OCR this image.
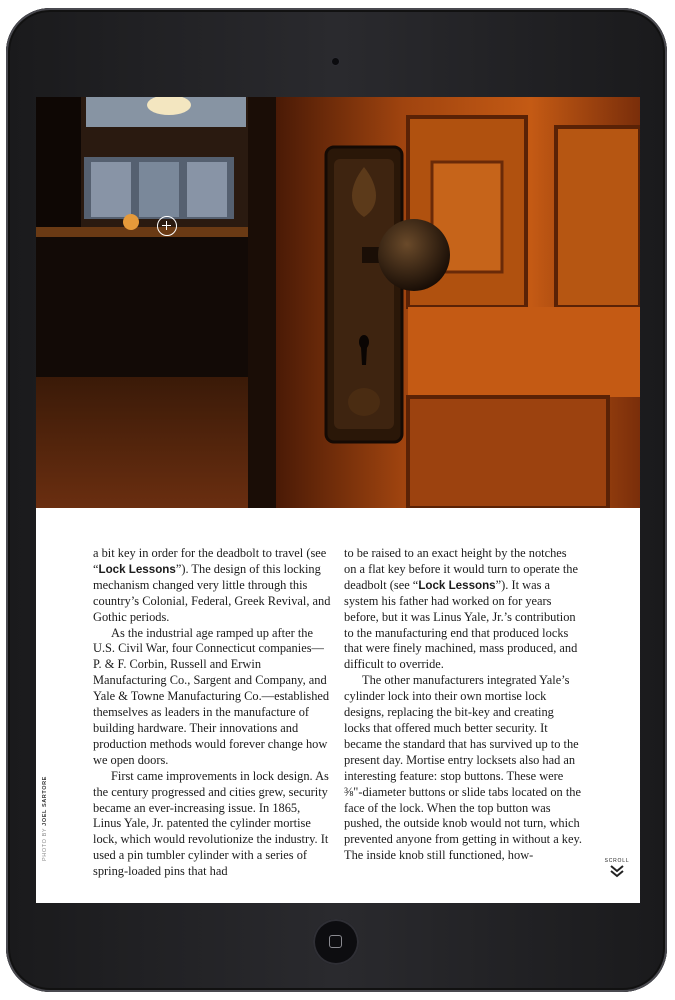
PHOTO BY JOEL SARTORE

a bit key in order for the deadbolt to travel (see “Lock Lessons”). The design of this locking mechanism changed very little through this country’s Colonial, Federal, Greek Revival, and Gothic periods.

As the industrial age ramped up after the U.S. Civil War, four Connecticut companies—P. & F. Corbin, Russell and Erwin Manufacturing Co., Sargent and Company, and Yale & Towne Manufacturing Co.—established themselves as leaders in the manufacture of building hardware. Their innovations and production methods would forever change how we open doors.

First came improvements in lock design. As the century progressed and cities grew, security became an ever-increasing issue. In 1865, Linus Yale, Jr. patented the cylinder mortise lock, which would revolutionize the industry. It used a pin tumbler cylinder with a series of spring-loaded pins that had

to be raised to an exact height by the notches on a flat key before it would turn to operate the deadbolt (see “Lock Lessons”). It was a system his father had worked on for years before, but it was Linus Yale, Jr.’s contribution to the manufacturing end that produced locks that were finely machined, mass produced, and difficult to override.

The other manufacturers integrated Yale’s cylinder lock into their own mortise lock designs, replacing the bit-key and creating locks that offered much better security. It became the standard that has survived up to the present day. Mortise entry locksets also had an interesting feature: stop buttons. These were ⅜"-diameter buttons or slide tabs located on the face of the lock. When the top button was pushed, the outside knob would not turn, which prevented anyone from getting in without a key. The inside knob still functioned, how-	SCROLL
